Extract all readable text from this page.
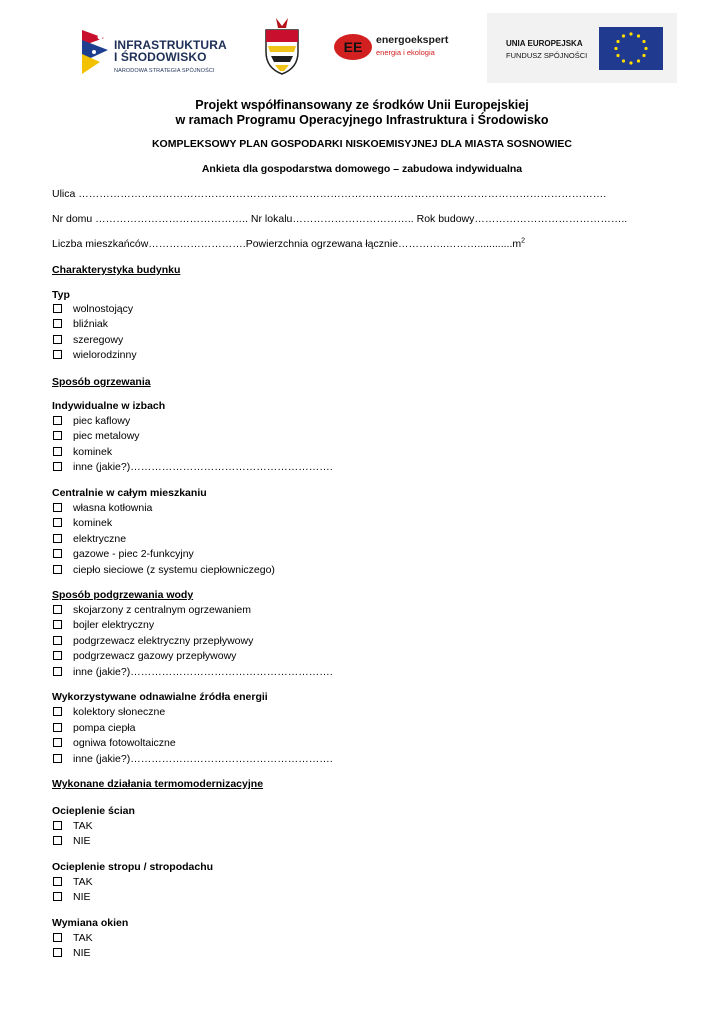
INFRASTRUKTURA
I ŚRODOWISKO
NARODOWA STRATEGIA SPÓJNOŚCI
EE energoekspert
energia i ekologia
UNIA EUROPEJSKA
FUNDUSZ SPÓJNOŚCI
Projekt współfinansowany ze środków Unii Europejskiej
w ramach Programu Operacyjnego Infrastruktura i Środowisko
KOMPLEKSOWY PLAN GOSPODARKI NISKOEMISYJNEJ DLA MIASTA SOSNOWIEC
Ankieta dla gospodarstwa domowego – zabudowa indywidualna
Ulica …………………………………………………………………………………………………………………………………….
Nr domu …………………………………….. Nr lokalu…………………………….. Rok budowy……………………………………..
Liczba mieszkańców……………………….Powierzchnia ogrzewana $łącznie\dots\dots\dots\dots..\dots\dots\dots............m^2$
Charakterystyka budynku
Typ
wolnostojący
bliźniak
szeregowy
wielorodzinny
Sposób ogrzewania
Indywidualne w izbach
piec kaflowy
piec metalowy
kominek
inne (jakie?)………………………………………………….
Centralnie w całym mieszkaniu
własna kotłownia
kominek
elektryczne
gazowe - piec 2-funkcyjny
ciepło sieciowe (z systemu ciepłowniczego)
Sposób podgrzewania wody
skojarzony z centralnym ogrzewaniem
bojler elektryczny
podgrzewacz elektryczny przepływowy
podgrzewacz gazowy przepływowy
inne (jakie?)………………………………………………….
Wykorzystywane odnawialne źródła energii
kolektory słoneczne
pompa ciepła
ogniwa fotowoltaiczne
inne (jakie?)………………………………………………….
Wykonane działania termomodernizacyjne
Ocieplenie ścian
TAK
NIE
Ocieplenie stropu / stropodachu
TAK
NIE
Wymiana okien
TAK
NIE
